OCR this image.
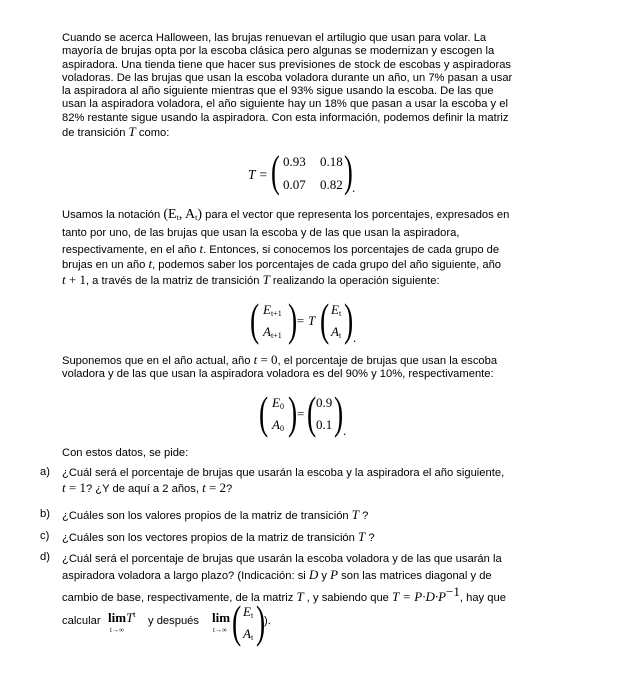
Cuando se acerca Halloween, las brujas renuevan el artilugio que usan para volar. La
mayoría de brujas opta por la escoba clásica pero algunas se modernizan y escogen la
aspiradora. Una tienda tiene que hacer sus previsiones de stock de escobas y aspiradoras
voladoras. De las brujas que usan la escoba voladora durante un año, un 7% pasan a usar
la aspiradora al año siguiente mientras que el 93% sigue usando la escoba. De las que
usan la aspiradora voladora, el año siguiente hay un 18% que pasan a usar la escoba y el
82% restante sigue usando la aspiradora. Con esta información, podemos definir la matriz
de transición T como:
T = ( 0.93 0.18
0.07 0.82 ) .
Usamos la notación ($E_t$, $A_t$) para el vector que representa los porcentajes, expresados en
tanto por uno, de las brujas que usan la escoba y de las que usan la aspiradora,
respectivamente, en el año t. Entonces, si conocemos los porcentajes de cada grupo de
brujas en un año t, podemos saber los porcentajes de cada grupo del año siguiente, año
t + 1, a través de la matriz de transición T realizando la operación siguiente:
( $E_{t+1}$
$A_{t+1}$ )
= T ( $E_t$
$A_t$ ) .
Suponemos que en el año actual, año t = 0, el porcentaje de brujas que usan la escoba
voladora y de las que usan la aspiradora voladora es del 90% y 10%, respectivamente:
( $E_0$
$A_0$ ) = ( 0.9
0.1 ) .
Con estos datos, se pide:
a) ¿Cuál será el porcentaje de brujas que usarán la escoba y la aspiradora el año siguiente,
t = 1? ¿Y de aquí a 2 años, t = 2?
b) ¿Cuáles son los valores propios de la matriz de transición T ?
c) ¿Cuáles son los vectores propios de la matriz de transición T ?
d) ¿Cuál será el porcentaje de brujas que usarán la escoba voladora y de las que usarán la
aspiradora voladora a largo plazo? (Indicación: si D y P son las matrices diagonal y de
cambio de base, respectivamente, de la matriz T , y sabiendo que $T = P\cdot D\cdot P^{-1}$, hay que
calcular limT$^t$
t→∞
y después lim
t→∞ ( $E_t$
$A_t$ )
).
